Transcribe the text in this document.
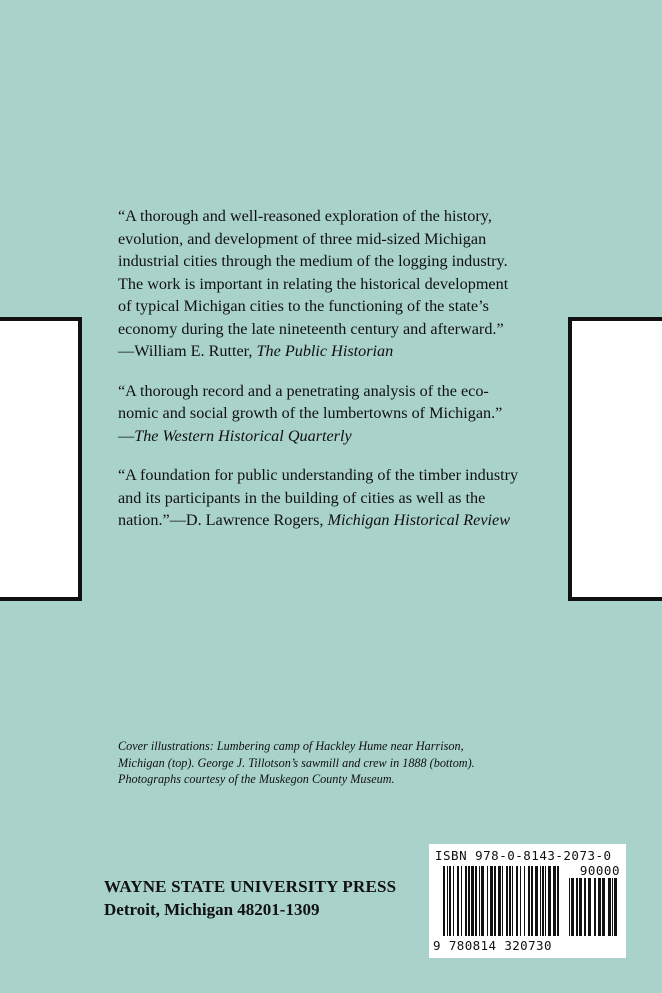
“A thorough and well-reasoned exploration of the history,

evolution, and development of three mid-sized Michigan

industrial cities through the medium of the logging industry.

The work is important in relating the historical development

of typical Michigan cities to the functioning of the state’s

economy during the late nineteenth century and afterward.”

—William E. Rutter, The Public Historian

“A thorough record and a penetrating analysis of the eco-

nomic and social growth of the lumbertowns of Michigan.”

—The Western Historical Quarterly

“A foundation for public understanding of the timber industry

and its participants in the building of cities as well as the

nation.”—D. Lawrence Rogers, Michigan Historical Review

Cover illustrations: Lumbering camp of Hackley Hume near Harrison,

Michigan (top). George J. Tillotson’s sawmill and crew in 1888 (bottom).

Photographs courtesy of the Muskegon County Museum.

WAYNE STATE UNIVERSITY PRESS
Detroit, Michigan 48201-1309
ISBN 978-0-8143-2073-0
90000
9 780814 320730
